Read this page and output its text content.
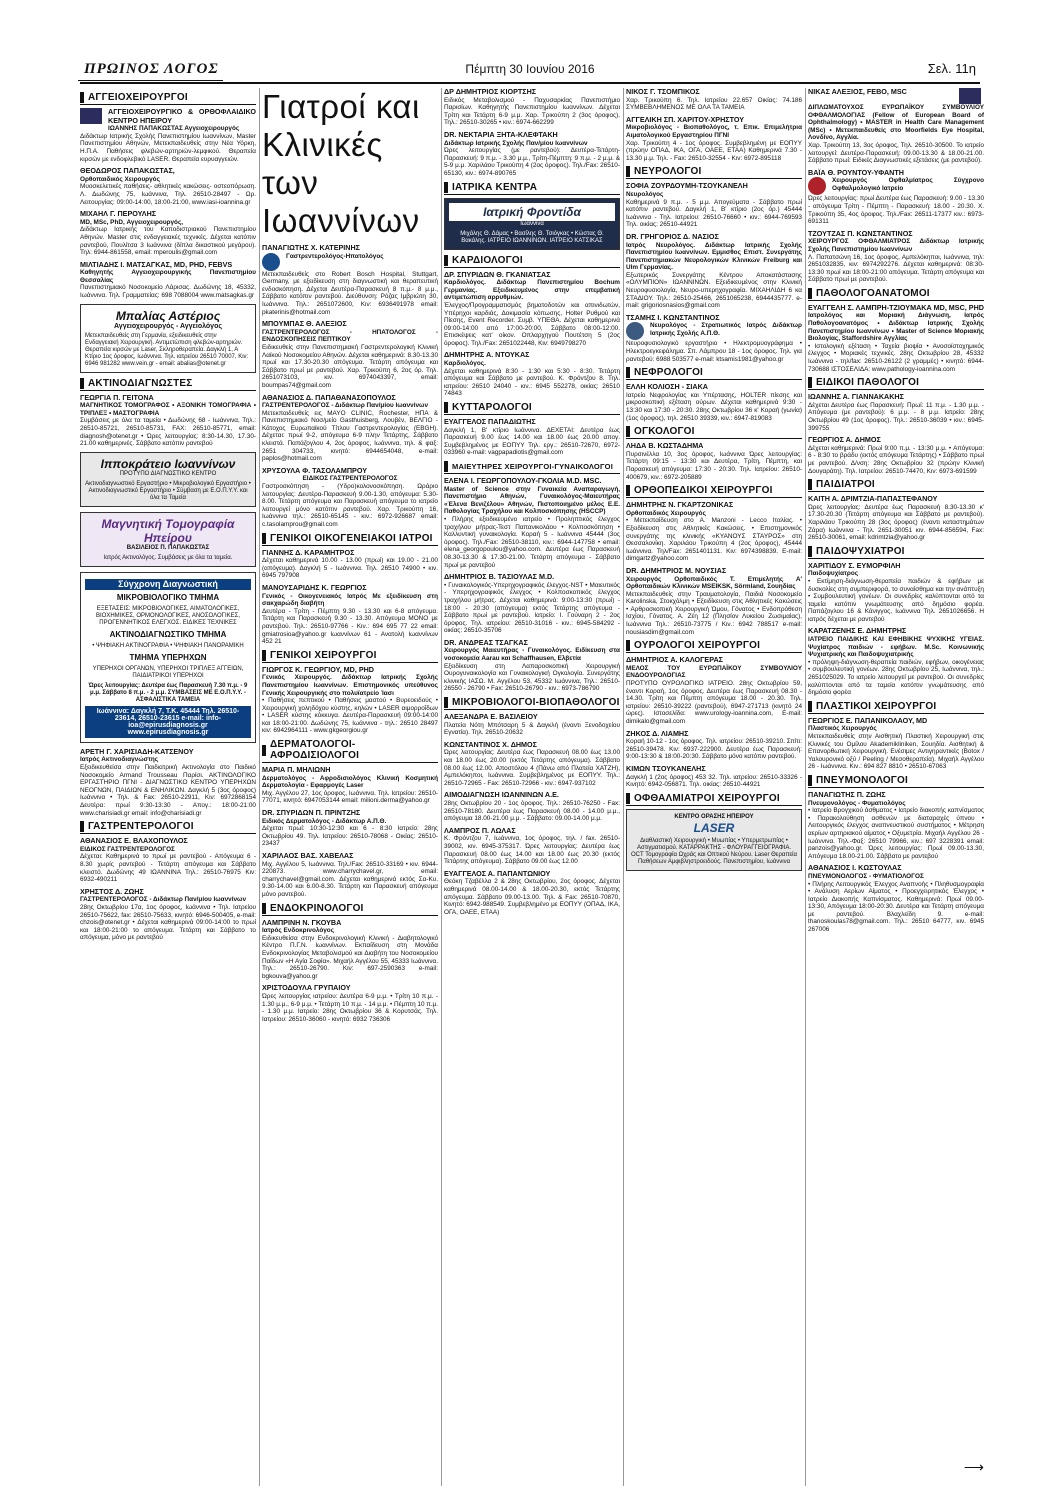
ΠΡΩΙΝΟΣ ΛΟΓΟΣ	Πέμπτη 30 Ιουνίου 2016	Σελ. 11η
ΑΓΓΕΙΟΧΕΙΡΟΥΡΓΟΙ
ΑΓΓΕΙΟΧΕΙΡΟΥΡΓΙΚΟ & ΟΡΘΟΦΛΑΙΔΙΚΟ ΚΕΝΤΡΟ ΗΠΕΙΡΟΥ
ΙΩΑΝΝΗΣ ΠΑΠΑΚΩΣΤΑΣ Αγγειοχειρουργός
Διδάκτωρ Ιατρικής Σχολής Πανεπιστημίου Ιωαννίνων, Master Πανεπιστημίου Αθηνών, Μετεκπαιδευθείς στην Νέα Υόρκη, Η.Π.Α. Παθήσεις φλεβών-αρτηριών-λεμφικού. Θεραπεία κιρσών με ενδοφλεβικό LASER. Θεραπεία ευρυαγγειών.
ΘΕΟΔΩΡΟΣ ΠΑΠΑΚΩΣΤΑΣ,
Ορθοπαιδικός Χειρουργός
Μυοσκελετικές παθήσεις- αθλητικές κακώσεις- οστεοπόρωση. Λ. Δωδώνης 75, Ιωάννινα, Τηλ. 26510-28497 - Ωρ. Λειτουργίας: 09:00-14:00, 18:00-21:00, www.iasi-ioannina.gr
ΜΙΧΑΗΛ Γ. ΠΕΡΟΥΛΗΣ
MD, MSc, PhD, Αγγειοχειρουργός,
Διδάκτωρ Ιατρικής του Καποδιστριακού Πανεπιστημίου Αθηνών. Master στις ενδαγγειακές τεχνικές. Δέχεται κατόπιν ραντεβού, Πουλίτσα 3 Ιωάννινα (δίπλα δικαστικού μεγάρου). Τηλ: 6944-861558, email: mperoulis@gmail.com
ΜΙΛΤΙΑΔΗΣ Ι. ΜΑΤΣΑΓΚΑΣ, MD, PHD, FEBVS
Καθηγητής Αγγειοχειρουργικής Πανεπιστημίου Θεσσαλίας
Πανεπιστημιακό Νοσοκομείο Λάρισας. Δωδώνης 18, 45332, Ιωάννινα. Τηλ. Γραμματείας: 698 7088004 www.matsagkas.gr
Μπαλίας Αστέριος
Αγγειοχειρουργός - Αγγειολόγος
Μετεκπαιδευθείς στη Γερμανία, εξειδικευθείς στην Ενδαγγειακή Χειρουργική. Αντιμετώπιση φλεβών-αρτηριών. Θεραπεία κιρσών με Laser, Σκληροθεραπεία. Δαγκλή 1, Α Κτίριο 1ος όροφος, Ιωάννινα. Τηλ. ιατρείου 26510 70007, Κιν: 6946 981282 www.vein.gr - email: abalias@otenet.gr
ΑΚΤΙΝΟΔΙΑΓΝΩΣΤΕΣ
ΓΕΩΡΓΙΑ Π. ΓΕΙΤΟΝΑ
ΜΑΓΝΗΤΙΚΟΣ ΤΟΜΟΓΡΑΦΟΣ • ΑΞΟΝΙΚΗ ΤΟΜΟΓΡΑΦΙΑ • ΤΡΙΠΛΕΞ • ΜΑΣΤΟΓΡΑΦΙΑ
Συμβάσεις με όλα τα ταμεία • Δωδώνης 68 - Ιωάννινα, Τηλ.: 26510-85721, 26510-85731, FAX: 26510-85771, email: diagnosh@otenet.gr • Ώρες λειτουργίας: 8:30-14.30, 17.30-21.00 καθημερινές. Σάββατο κατόπιν ραντεβού
Ιπποκράτειο Ιωαννίνων
ΠΡΟΤΥΠΟ ΔΙΑΓΝΩΣΤΙΚΟ ΚΕΝΤΡΟ
Ακτινοδιαγνωστικό Εργαστήριο • Μικροβιολογικό Εργαστήριο • Ακτινοδιαγνωστικό Εργαστήριο • Σύμβαση με Ε.Ο.Π.Υ.Υ. και όλα τα Ταμεία
Μαγνητική Τομογραφία Ηπείρου
ΒΑΣΙΛΕΙΟΣ Π. ΠΑΠΑΚΩΣΤΑΣ
Ιατρός Ακτινολόγος. Συμβάσεις με όλα τα ταμεία.
Σύγχρονη Διαγνωστική
ΜΙΚΡΟΒΙΟΛΟΓΙΚΟ ΤΜΗΜΑ
ΕΞΕΤΑΣΕΙΣ: ΜΙΚΡΟΒΙΟΛΟΓΙΚΕΣ, ΑΙΜΑΤΟΛΟΓΙΚΕΣ, ΒΙΟΧΗΜΙΚΕΣ, ΟΡΜΟΝΟΛΟΓΙΚΕΣ, ΑΝΟΣΟΛΟΓΙΚΕΣ, ΠΡΟΓΕΝΝΗΤΙΚΟΣ ΕΛΕΓΧΟΣ. ΕΙΔΙΚΕΣ ΤΕΧΝΙΚΕΣ
ΑΚΤΙΝΟΔΙΑΓΝΩΣΤΙΚΟ ΤΜΗΜΑ
• ΨΗΦΙΑΚΗ ΑΚΤΙΝΟΓΡΑΦΙΑ • ΨΗΦΙΑΚΗ ΠΑΝΟΡΑΜΙΚΗ
ΤΜΗΜΑ ΥΠΕΡΗΧΩΝ
ΥΠΕΡΗΧΟΙ ΟΡΓΑΝΩΝ, ΥΠΕΡΗΧΟΙ ΤΡΙΠΛΕΞ ΑΓΓΕΙΩΝ, ΠΑΙΔΙΑΤΡΙΚΟΙ ΥΠΕΡΗΧΟΙ
Ώρες λειτουργίας: Δευτέρα έως Παρασκευή 7.30 π.μ. - 9 μ.μ. Σάββατο 8 π.μ. - 2 μ.μ. ΣΥΜΒΑΣΕΙΣ ΜΕ Ε.Ο.Π.Υ.Υ. - ΑΣΦΑΛΙΣΤΙΚΑ ΤΑΜΕΙΑ
Ιωάννινα: Δαγκλή 7, Τ.Κ. 45444 Τηλ. 26510-23614, 26510-23615 e-mail: info-ioa@epirusdiagnosis.gr www.epirusdiagnosis.gr
ΑΡΕΤΗ Γ. ΧΑΡΙΣΙΑΔΗ-ΚΑΤΣΕΝΟΥ
Ιατρός Ακτινοδιαγνώστης
Εξειδικευθείσα στην Παιδιατρική Ακτινολογία στο Παιδικό Νοσοκομείο Armand Trousseau Παρίσι. ΑΚΤΙΝΟΛΟΓΙΚΟ ΕΡΓΑΣΤΗΡΙΟ ΠΓΝΙ - ΔΙΑΓΝΩΣΤΙΚΟ ΚΕΝΤΡΟ ΥΠΕΡΗΧΩΝ ΝΕΟΓΝΩΝ, ΠΑΙΔΙΩΝ & ΕΝΗΛΙΚΩΝ. Δαγκλή 5 (3ος όροφος) Ιωάννινα • Τηλ. & Fax: 26510-22911, Κιν: 6972868154 Δευτέρα: πρωί 9:30-13:30 - Απογ.: 18:00-21:00 www.charisiadi.gr email: info@charisiadi.gr
ΓΑΣΤΡΕΝΤΕΡΟΛΟΓΟΙ
ΑΘΑΝΑΣΙΟΣ Ε. ΒΛΑΧΟΠΟΥΛΟΣ
ΕΙΔΙΚΟΣ ΓΑΣΤΡΕΝΤΕΡΟΛΟΓΟΣ
Δέχεται: Καθημερινά το πρωί με ραντεβού - Απόγευμα 6 - 8.30 χωρίς ραντεβού - Τετάρτη απόγευμα και Σάββατο κλειστό. Δωδώνης 49 ΙΩΑΝΝΙΝΑ Τηλ.: 26510-76975 Κιν: 6932-490211
ΧΡΗΣΤΟΣ Δ. ΖΩΗΣ
ΓΑΣΤΡΕΝΤΕΡΟΛΟΓΟΣ - Διδάκτωρ Παν/μίου Ιωαννίνων
28ης Οκτωβρίου 17α, 1ος όροφος, Ιωάννινα • Τηλ. Ιατρείου 26510-75622, fax: 26510-75633, κινητό: 6946-500405, e-mail: chzois@otenet.gr • Δέχεται καθημερινά 09:00-14:00 το πρωί και 18:00-21:00 το απόγευμα. Τετάρτη και Σάββατο το απόγευμα, μόνο με ραντεβού
Γιατροί και Κλινικές
των Ιωαννίνων
ΠΑΝΑΓΙΩΤΗΣ Χ. ΚΑΤΕΡΙΝΗΣ
Γαστρεντερολόγος-Ηπατολόγος
Μετεκπαιδευθείς στο Robert Bosch Hospital, Stuttgart, Germany, με εξειδίκευση στη διαγνωστική και θεραπευτική ενδοσκόπηση. Δέχεται Δευτέρα-Παρασκευή 8 π.μ.- 8 μ.μ., Σάββατο κατόπιν ραντεβού. Διεύθυνση: Ρόζας Ιμβριώτη 30, Ιωάννινα. Τηλ.: 2651072600, Κιν: 6936491978 email: pkaterinis@hotmail.com
ΜΠΟΥΜΠΑΣ Θ. ΑΛΕΞΙΟΣ
ΓΑΣΤΡΕΝΤΕΡΟΛΟΓΟΣ - ΗΠΑΤΟΛΟΓΟΣ - ΕΝΔΟΣΚΟΠΗΣΕΙΣ ΠΕΠΤΙΚΟΥ
Ειδικευθείς στην Πανεπιστημιακή Γαστρεντερολογική Κλινική Λαϊκού Νοσοκομείου Αθηνών. Δέχεται καθημερινά: 8.30-13.30 πρωί και 17.30-20.30 απόγευμα. Τετάρτη απόγευμα και Σάββατο πρωί με ραντεβού. Χαρ. Τρικούπη 6, 2ος όρ. Τηλ. 2651073103, κιν. 6974043397, email: boumpas74@gmail.com
ΑΘΑΝΑΣΙΟΣ Δ. ΠΑΠΑΘΑΝΑΣΟΠΟΥΛΟΣ
ΓΑΣΤΡΕΝΤΕΡΟΛΟΓΟΣ - Διδάκτωρ Παν/μίου Ιωαννίνων
Μετεκπαιδευθείς εις MAYO CLINIC, Rochester, ΗΠΑ & Πανεπιστημιακό Νοσ/μείο Gasthuisberg, Λουβέν, ΒΕΛΓΙΟ - Κάτοχος Ευρωπαϊκού Τίτλου Γαστρεντερολογίας (EBGH). Δέχεται: πρωί 9-2, απόγευμα 6-9 πλην Τετάρτης, Σάββατο κλειστά. Παπάζογλου 4, 2ος όροφος, Ιωάννινα, τηλ. & φαξ: 2651 304733, κινητό: 6944654048, e-mail: paplos@hotmail.com
ΧΡΥΣΟΥΛΑ Φ. ΤΑΣΟΛΑΜΠΡΟΥ
ΕΙΔΙΚΟΣ ΓΑΣΤΡΕΝΤΕΡΟΛΟΓΟΣ
Γαστροσκόπηση - (Υδρο)κολονοσκόπηση. Ωράριο λειτουργίας: Δευτέρα-Παρασκευή 9.00-1.30, απόγευμα: 5.30-8.00. Τετάρτη απόγευμα και Παρασκευή απόγευμα το ιατρείο λειτουργεί μόνο κατόπιν ραντεβού. Χαρ. Τρικούπη 16, Ιωάννινα τηλ.: 26510-65145 - κιν.: 6972-926687 email: c.tasolamprou@gmail.com
ΓΕΝΙΚΟΙ ΟΙΚΟΓΕΝΕΙΑΚΟΙ ΙΑΤΡΟΙ
ΓΙΑΝΝΗΣ Δ. ΚΑΡΑΜΗΤΡΟΣ
Δέχεται καθημερινά 10.00 - 13.00 (πρωί) και 19.00 - 21.00 (απόγευμα). Δαγκλή 5 - Ιωάννινα. Τηλ. 26510 74900 • κιν. 6945 797908
ΜΑΝΟΥΣΑΡΙΔΗΣ Κ. ΓΕΩΡΓΙΟΣ
Γενικός - Οικογενειακός Ιατρός Με εξειδίκευση στη σακχαρώδη διαβήτη
Δευτέρα - Τρίτη - Πέμπτη 9.30 - 13.30 και 6-8 απόγευμα. Τετάρτη και Παρασκευή 9.30 - 13.30. Απόγευμα ΜΟΝΟ με ραντεβού. Τηλ.: 26510-97766 - Κιν.: 694 695 77 22 email: gmiatrosioa@yahoo.gr Ιωαννίνων 61 - Ανατολή Ιωαννίνων 452 21
ΓΕΝΙΚΟΙ ΧΕΙΡΟΥΡΓΟΙ
ΓΙΩΡΓΟΣ Κ. ΓΕΩΡΓΙΟΥ, MD, PHD
Γενικός Χειρουργός. Διδάκτωρ Ιατρικής Σχολής Πανεπιστημίου Ιωαννίνων. Επιστημονικός υπεύθυνος Γενικής Χειρουργικής στο πολυϊατρείο Ίασι
• Παθήσεις πεπτικού • Παθήσεις μαστού • Βυρεοειδούς • Χειρουργική χοληδόχου κύστης, κηλών • LASER αιμορροΐδων • LASER κύστης κόκκυγα. Δευτέρα-Παρασκευή 09:00-14:00 και 18:00-21:00. Δωδώνης 75, Ιωάννινα - τηλ.: 26510 28497 κιν: 6942964111 - www.gkgeorgiou.gr
ΔΕΡΜΑΤΟΛΟΓΟΙ-ΑΦΡΟΔΙΣΙΟΛΟΓΟΙ
ΜΑΡΙΑ Π. ΜΗΛΙΩΝΗ
Δερματολόγος - Αφροδισιολόγος Κλινική Κοσμητική Δερματολογία - Εφαρμογές Laser
Μιχ. Αγγέλου 27, 1ος όροφος, Ιωάννινα. Τηλ. Ιατρείου: 26510-77071, κινητό: 6947053144 email: milioni.derma@yahoo.gr
DR. ΣΠΥΡΙΔΩΝ Π. ΠΡΙΝΤΖΗΣ
Ειδικός Δερματολόγος - Διδάκτωρ Α.Π.Θ.
Δέχεται πρωί: 10:30-12:30 και 6 - 8:30 Ιατρείο: 28ης Οκτωβρίου 49. Τηλ. Ιατρείου: 26510-78068 - Οικίας: 26510-23437
ΧΑΡΙΛΑΟΣ ΒΑΣ. ΧΑΒΕΛΑΣ
Μιχ. Αγγέλου 5, Ιωάννινα. Τηλ./Fax: 26510-33169 • κιν. 6944-220873. www.charrychavel.gr, email: charrychavel@gmail.com. Δέχεται καθημερινά εκτός Σα-Κυ. 9.30-14.00 και 6.00-8.30. Τετάρτη και Παρασκευή απόγευμα μόνο ραντεβού.
ΕΝΔΟΚΡΙΝΟΛΟΓΟΙ
ΛΑΜΠΡΙΝΗ Ν. ΓΚΟΥΒΑ
Ιατρός Ενδοκρινολόγος
Ειδικευθείσα στην Ενδοκρινολογική Κλινική - Διαβητολογικό Κέντρο Π.Γ.Ν. Ιωαννίνων. Εκπαίδευση στη Μονάδα Ενδοκρινολογίας Μεταβολισμού και Διαβήτη του Νοσοκομείου Παίδων «Η Αγία Σοφία». Μιχαήλ Αγγέλου 55, 45333 Ιωάννινα. Τηλ.: 26510-26790. Κιν: 697-2590363 e-mail: bgkouva@yahoo.gr
ΧΡΙΣΤΟΔΟΥΛΑ ΓΡΥΠΑΙΟΥ
Ώρες λειτουργίας ιατρείου: Δευτέρα 6-9 μ.μ. • Τρίτη 10 π.μ. - 1.30 μ.μ., 6-9 μ.μ. • Τετάρτη 10 π.μ. - 14 μ.μ. • Πέμπτη 10 π.μ. - 1.30 μ.μ. Ιατρείο: 28ης Οκτωβρίου 36 & Κορυτσάς. Τηλ. Ιατρείου: 26510-36060 - κινητό: 6932 736306
ΔΡ ΔΗΜΗΤΡΙΟΣ ΚΙΟΡΤΣΗΣ
Ειδικός Μεταβολισμού - Παχυσαρκίας Πανεπιστήμιο Παρισίων. Καθηγητής Πανεπιστημίου Ιωαννίνων. Δέχεται Τρίτη και Τετάρτη 6-9 μ.μ. Χαρ. Τρικούπη 2 (3ος όροφος). Τηλ.: 26510-30265 • κιν.: 6974-662299
DR. ΝΕΚΤΑΡΙΑ ΞΗΤΑ-ΚΛΕΦΤΑΚΗ
Διδάκτωρ Ιατρικής Σχολής Παν/μίου Ιωαννίνων
Ώρες λειτουργίας (με ραντεβού): Δευτέρα-Τετάρτη-Παρασκευή: 9 π.μ. - 3.30 μ.μ., Τρίτη-Πέμπτη: 9 π.μ. - 2 μ.μ. & 5-9 μ.μ. Χαριλάου Τρικούπη 4 (2ος όροφος). Τηλ./Fax: 26510-65130, κιν.: 6974-890765
ΙΑΤΡΙΚΑ ΚΕΝΤΡΑ
Ιατρική Φροντίδα
Ιωάννινα
Μιχάλης Θ. Δάμας • Βασίλης Θ. Τσιόγκας • Κώστας Θ. Βακάλης. ΙΑΤΡΕΙΟ ΙΩΑΝΝΙΝΩΝ. ΙΑΤΡΕΙΟ ΚΑΤΣΙΚΑΣ
ΚΑΡΔΙΟΛΟΓΟΙ
ΔΡ. ΣΠΥΡΙΔΩΝ Θ. ΓΚΑΝΙΑΤΣΑΣ
Καρδιολόγος. Διδάκτωρ Πανεπιστημίου Bochum Γερμανίας. Εξειδικευμένος στην επεμβατική αντιμετώπιση αρρυθμιών.
Έλεγχος/Προγραμματισμός βηματοδοτών και απινιδωτών, Υπέρηχοι καρδιάς, Δοκιμασία κόπωσης, Holter Ρυθμού και Πίεσης, Event Recorder. Συμβ. ΥΠΕΘΑ. Δέχεται καθημερινά 09:00-14:00 από 17:00-20:00, Σάββατο 08:00-12:00. Επισκέψεις κατ' οίκον. Οπλαρχηγού Πουτέτση 5 (2ος όροφος). Τηλ./Fax: 2651022448, Κιν: 6949798270
ΔΗΜΗΤΡΗΣ Α. ΝΤΟΥΚΑΣ
Καρδιολόγος.
Δέχεται καθημερινά 8:30 - 1:30 και 5:30 - 8:30. Τετάρτη απόγευμα και Σάββατο με ραντεβού. Κ. Φρόντζου 8. Τηλ. ιατρείου: 26510 24040 - κιν.: 6945 552278, οικίας: 26510 74843
ΚΥΤΤΑΡΟΛΟΓΟΙ
ΕΥΑΓΓΕΛΟΣ ΠΑΠΑΔΙΩΤΗΣ
Δαγκλή 1, Β' κτίριο Ιωάννινα. ΔΕΧΕΤΑΙ: Δευτέρα έως Παρασκευή 9.00 έως 14.00 και 18.00 έως 20.00 απογ. Συμβεβλημένος με ΕΟΠΥΥ Τηλ. εργ.: 26510-72670, 6972-033960 e-mail: vagpapadiotis@gmail.com
ΜΑΙΕΥΤΗΡΕΣ ΧΕΙΡΟΥΡΓΟΙ-ΓΥΝΑΙΚΟΛΟΓΟΙ
ΕΛΕΝΑ Ι. ΓΕΩΡΓΟΠΟΥΛΟΥ-ΓΚΟΛΙΑ M.D. MSC.
Master of Science στην Γυναικεία Αναπαραγωγή, Πανεπιστήμιο Αθηνών, Γυναικολόγος-Μαιευτήρας «Έλενα Βενιζέλου» Αθηνών, Πιστοποιημένο μέλος Ε.Ε. Παθολογίας Τραχήλου και Κολποσκόπησης (HSCCP)
• Πλήρης εξειδικευμένο ιατρείο • Προληπτικός έλεγχος τραχήλου μήτρας-Τεστ Παπανικολάου • Κολποσκόπηση • Καλλυντική γυναικολογία. Κοραή 5 - Ιωάννινα 45444 (3ος όροφος). Τηλ./Fax: 26510-38110, κιν.: 6944-147758 • email: elena_georgopoulou@yahoo.com. Δευτέρα έως Παρασκευή 08.30-13.30 & 17.30-21.00. Τετάρτη απόγευμα - Σάββατο πρωί με ραντεβού
ΔΗΜΗΤΡΙΟΣ Β. ΤΑΣΙΟΥΛΑΣ M.D.
• Γυναικολογικός-Υπερηχογραφικός έλεγχος-NST • Μαιευτικός - Υπερηχογραφικός έλεγχος • Κολποσκοπικός έλεγχος τραχήλου μήτρας. Δέχεται καθημερινά: 9:00-13:30 (πρωί) - 18:00 - 20:30 (απόγευμα) εκτός Τετάρτης απόγευμα - Σάββατο πρωί με ραντεβού. Ιατρείο: Ι. Γούναρη 2 - 2ος όροφος. Τηλ. ιατρείου: 26510-31016 - κιν.: 6945-584292 - οικίας: 26510-35706
DR. ΑΝΔΡΕΑΣ ΤΣΑΓΚΑΣ
Χειρουργός Μαιευτήρας - Γυναικολόγος. Ειδίκευση στα νοσοκομεία Aarau και Schaffhausen, Ελβετία
Εξειδίκευση στη Λαπαροσκοπική Χειρουργική Ουρογυναικολογία και Γυναικολογική Ογκολογία. Συνεργάτης κλινικής ΙΑΣΩ. Μ. Αγγέλου 53, 45332 Ιωάννινα, Τηλ.: 26510-26550 - 26790 • Fax: 26510-26790 - κιν.: 6973-786790
ΜΙΚΡΟΒΙΟΛΟΓΟΙ-ΒΙΟΠΑΘΟΛΟΓΟΙ
ΑΛΕΞΑΝΔΡΑ Ε. ΒΑΣΙΛΕΙΟΥ
Πλατεία Νότη Μπότσαρη 5 & Δαγκλή (έναντι Ξενοδοχείου Εγνατία). Τηλ. 26510-20632
ΚΩΝΣΤΑΝΤΙΝΟΣ Χ. ΔΗΜΟΣ
Ώρες λειτουργίας: Δευτέρα έως Παρασκευή 08.00 έως 13.00 και 18.00 έως 20.00 (εκτός Τετάρτης απόγευμα). Σάββατο 08.00 έως 12.00. Αποστόλου 4 (Πάνω από Πλατεία ΧΑΤΖΗ), Αμπελόκηποι, Ιωάννινα. Συμβεβλημένος με ΕΟΠΥΥ. Τηλ.: 26510-72965 - Fax: 26510-72966 - κιν.: 6947-937102
ΑΙΜΟΔΙΑΓΝΩΣΗ ΙΩΑΝΝΙΝΩΝ Α.Ε.
28ης Οκτωβρίου 20 - 1ος όροφος. Τηλ.: 26510-76250 - Fax: 26510-78180. Δευτέρα έως Παρασκευή 08.00 - 14.00 μ.μ., απόγευμα 18.00-21.00 μ.μ. - Σάββατο: 09.00-14.00 μ.μ.
ΛΑΜΠΡΟΣ Π. ΛΩΛΑΣ
Κ. Φρόντζου 7, Ιωάννινα, 1ος όροφος, τηλ. / fax. 26510-39002, κιν. 6945-375317. Ώρες λειτουργίας: Δευτέρα έως Παρασκευή 08.00 έως 14.00 και 18.00 έως 20.30 (εκτός Τετάρτης απόγευμα). Σάββατο 09.00 έως 12.00
ΕΥΑΓΓΕΛΟΣ Α. ΠΑΠΑΝΤΩΝΙΟΥ
Θεόκη Τζαβέλλα 2 & 28ης Οκτωβρίου, 2ος όροφος. Δέχεται καθημερινά 08.00-14.00 & 18.00-20.30, εκτός Τετάρτης απόγευμα. Σάββατο 09.00-13.00. Τηλ. & Fax: 26510-70870, Κινητό: 6942-988549. Συμβεβλημένο με ΕΟΠΥΥ (ΟΠΑΔ, ΙΚΑ, ΟΓΑ, ΟΑΕΕ, ΕΤΑΑ)
ΝΙΚΟΣ Γ. ΤΣΟΜΠΙΚΟΣ
Χαρ. Τρικούπη 6. Τηλ. Ιατρείου 22.657 Οικίας: 74.186 ΣΥΜΒΕΒΛΗΜΕΝΟΣ ΜΕ ΟΛΑ ΤΑ ΤΑΜΕΙΑ
ΑΓΓΕΛΙΚΗ ΣΠ. ΧΑΡΙΤΟΥ-ΧΡΗΣΤΟΥ
Μικροβιολόγος - Βιοπαθολόγος, τ. Επικ. Επιμελήτρια Αιματολογικού Εργαστηρίου ΠΓΝΙ
Χαρ. Τρικούπη 4 - 1ος όροφος. Συμβεβλημένη με ΕΟΠΥΥ (πρώην ΟΠΑΔ, ΙΚΑ, ΟΓΑ, ΟΑΕΕ, ΕΤΑΑ) Καθημερινά 7.30 - 13.30 μ.μ. Τηλ. - Fax: 26510-32554 - Κιν: 6972-895118
ΝΕΥΡΟΛΟΓΟΙ
ΣΟΦΙΑ ΖΟΥΡΔΟΥΜΗ-ΤΣΟΥΚΑΝΕΛΗ
Νευρολόγος
Καθημερινά 9 π.μ. - 5 μ.μ. Απογεύματα - Σάββατο πρωί κατόπιν ραντεβού. Δαγκλή 1, Β' κτίριο (2ος όρ.) 45444 Ιωάννινα - Τηλ. Ιατρείου: 26510-76660 • κιν.: 6944-769593 Τηλ. οικίας: 26510-44921
DR. ΓΡΗΓΟΡΙΟΣ Δ. ΝΑΣΙΟΣ
Ιατρός Νευρολόγος. Διδάκτωρ Ιατρικής Σχολής Πανεπιστημίου Ιωαννίνων. Εμμισθος Επιστ. Συνεργάτης Πανεπιστημιακών Νευρολογικών Κλινικών Freiburg και Ulm Γερμανίας.
Εξωτερικός Συνεργάτης Κέντρου Αποκατάστασης «ΟΛΥΜΠΙΟΝ» ΙΩΑΝΝΙΝΩΝ. Εξειδικευμένος στην Κλινική Νευροφυσιολογία, Νευρο-υπερηχογραφία. ΜΙΧΑΗΛΙΔΗ 6 κα ΣΤΑΔΙΟΥ. Τηλ.: 26510-25466, 2651065238, 6944435777. e-mail: grigoriosnasios@gmail.com
ΤΣΑΜΗΣ Ι. ΚΩΝΣΤΑΝΤΙΝΟΣ
Νευρολόγος - Στρατιωτικός Ιατρός Διδάκτωρ Ιατρικής Σχολής Α.Π.Θ.
Νευροφυσιολογικό εργαστήριο • Ηλεκτρομυογράφημα • Ηλεκτροεγκεφάλημα. Σπ. Λάμπρου 18 - 1ος όροφος. Τηλ. για ραντεβού: 6988 503577 e-mail: ktsamis1981@yahoo.gr
ΝΕΦΡΟΛΟΓΟΙ
ΕΛΛΗ ΚΟΛΙΟΣΗ - ΣΙΑΚΑ
Ιατρείο Νεφρολογίας και Υπέρτασης, HOLTER πίεσης και μικροσκοπική εξέταση ούρων. Δέχεται καθημερινά 9:30 - 13:30 και 17:30 - 20:30. 28ης Οκτωβρίου 36 κ' Κοραή (γωνία) (1ος όροφος), τηλ. 26510 39339, κιν.: 6947-819083
ΟΓΚΟΛΟΓΟΙ
ΛΗΔΑ Β. ΚΩΣΤΑΔΗΜΑ
Πυρσινέλλα 10, 3ος όροφος, Ιωάννινα Ώρες λειτουργίας: Τετάρτη 09:15 - 13:30 και Δευτέρα, Τρίτη, Πέμπτη, και Παρασκευή απόγευμα: 17:30 - 20:30. Τηλ. Ιατρείου: 26510-400679, κιν.: 6972-205889
ΟΡΘΟΠΕΔΙΚΟΙ ΧΕΙΡΟΥΡΓΟΙ
ΔΗΜΗΤΡΗΣ Ν. ΓΚΑΡΤΖΟΝΙΚΑΣ
Ορθοπαιδικός Χειρουργός
• Μετεκπαίδευση στο A. Manzoni - Lecco Ιταλίας. • Εξειδίκευση στις Αθλητικές Κακώσεις. • Επιστημονικός συνεργάτης της κλινικής «ΚΥΑΝΟΥΣ ΣΤΑΥΡΟΣ» στη Θεσσαλονίκη. Χαριλάου Τρικούπη 4 (2ος όροφος), 45444 Ιωάννινα. Τηλ/Fax: 2651401131. Κιν: 6974398839. E-mail: dimgartz@yahoo.com
DR. ΔΗΜΗΤΡΙΟΣ Μ. ΝΟΥΣΙΑΣ
Χειρουργός Ορθοπαιδικός Τ. Επιμελητής Α' Ορθοπαιδικών Κλινικών MSEIKSK, Sörmland, Σουηδίας
Μετεκπαιδευθείς στην Τραυματολογία, Παιδιά Νοσοκομείο Karolinska, Στοκχόλμη • Εξειδίκευση στις Αθλητικές Κακώσεις • Αρθροσκοπική Χειρουργική Ώμου, Γόνατος • Ενδοπρόθεση Ισχίου, Γόνατος. Α. Ζέη 12 (Πλησίον Λυκείου Ζωσιμαίας), Ιωάννινα Τηλ.: 26510-73775 / Κιν.: 6942 788517 e-mail: nousiasdim@gmail.com
ΟΥΡΟΛΟΓΟΙ ΧΕΙΡΟΥΡΓΟΙ
ΔΗΜΗΤΡΙΟΣ Α. ΚΑΛΟΓΕΡΑΣ
ΜΕΛΟΣ ΤΟΥ ΕΥΡΩΠΑΪΚΟΥ ΣΥΜΒΟΥΛΙΟΥ ΕΝΔΟΟΥΡΟΛΟΓΙΑΣ
ΠΡΟΤΥΠΟ ΟΥΡΟΛΟΓΙΚΟ ΙΑΤΡΕΙΟ. 28ης Οκτωβρίου 59, έναντι Κοραή, 1ος όροφος. Δευτέρα έως Παρασκευή 08.30 - 14.30. Τρίτη και Πέμπτη απόγευμα 18.00 - 20.30. Τηλ. ιατρείου: 26510-39222 (ραντεβού), 6947-271713 (κινητό 24 ώρες). Ιστοσελίδα: www.urology-ioannina.com, E-mail: dimikalo@gmail.com
ΖΗΚΟΣ Δ. ΛΙΑΜΗΣ
Κοραή 10-12 - 1ος όροφος. Τηλ. ιατρείου: 26510-39210. Σπίτι: 26510-39478. Κιν: 6937-222900. Δευτέρα έως Παρασκευή: 9:00-13:30 & 18:00-20:30. Σάββατο μόνο κατόπιν ραντεβού.
ΚΙΜΩΝ ΤΣΟΥΚΑΝΕΛΗΣ
Δαγκλή 1 (2ος όροφος) 453 32. Τηλ. ιατρείου: 26510-33326 - Κινητό: 6942-056871. Τηλ. οικίας: 26510-44921
ΟΦΘΑΛΜΙΑΤΡΟΙ ΧΕΙΡΟΥΡΓΟΙ
ΚΕΝΤΡΟ ΟΡΑΣΗΣ ΗΠΕΙΡΟΥ
LASER
Διαθλαστική Χειρουργική • Μυωπίας • Υπερμετρωπίας • Αστιγματισμού. ΚΑΤΑΡΡΑΚΤΗΣ - ΦΛΟΥΡΑΓΓΕΙΟΓΡΑΦΙΑ. OCT Τομογραφία Ωχράς και Οπτικού Νεύρου. Laser Θεραπεία Παθήσεων Αμφιβληστροειδούς. Πανεπιστημίου, Ιωάννινα
ΝΙΚΑΣ ΑΛΕΞΙΟΣ, FEBO, MSC
ΔΙΠΛΩΜΑΤΟΥΧΟΣ ΕΥΡΩΠΑΪΚΟΥ ΣΥΜΒΟΥΛΙΟΥ ΟΦΘΑΛΜΟΛΟΓΙΑΣ (Fellow of European Board of Ophthalmology) • MASTER in Health Care Management (MSc) • Μετεκπαιδευθείς στο Moorfields Eye Hospital, Λονδίνο, Αγγλία.
Χαρ. Τρικούπη 13, 3ος όροφος, Τηλ. 26510-30500. Το ιατρείο λειτουργεί: Δευτέρα-Παρασκευή: 09.00-13.30 & 18.00-21.00. Σάββατο πρωί: Ειδικές Διαγνωστικές εξετάσεις (με ραντεβού).
ΒΑΪΑ Θ. ΡΟΥΝΤΟΥ-ΥΦΑΝΤΗ
Χειρουργός Οφθαλμίατρος Σύγχρονο Οφθαλμολογικό Ιατρείο
Ώρες λειτουργίας: πρωί Δευτέρα έως Παρασκευή: 9.00 - 13.30 - απόγευμα Τρίτη - Πέμπτη - Παρασκευή: 18.00 - 20.30. Χ. Τρικούπη 35, 4ος όροφος. Τηλ./Fax: 26511-17377 κιν.: 6973-691311
ΤΖΟΥΤΖΑΣ Π. ΚΩΝΣΤΑΝΤΙΝΟΣ
ΧΕΙΡΟΥΡΓΟΣ ΟΦΘΑΛΜΙΑΤΡΟΣ Διδάκτωρ Ιατρικής Σχολής Πανεπιστημίου Ιωαννίνων
Λ. Παπατσώνη 16, 1ος όροφος, Αμπελόκηποι, Ιωάννινα, τηλ: 2651032835, κιν: 6974292276. Δέχεται καθημερινά: 08:30-13:30 πρωί και 18:00-21:00 απόγευμα. Τετάρτη απόγευμα και Σάββατο πρωί με ραντεβού.
ΠΑΘΟΛΟΓΟΑΝΑΤΟΜΟΙ
ΕΥΑΓΓΕΛΗ Σ. ΛΑΜΠΡΗ-ΤΖΙΟΥΜΑΚΑ MD, MSC, PHD
Ιατρολόγος και Μοριακή Διάγνωση, Ιατρός Παθολογοανατόμος • Διδάκτωρ Ιατρικής Σχολής Πανεπιστημίου Ιωαννίνων • Master of Science Μοριακής Βιολογίας, Staffordshire Αγγλίας
• Ιστολογική εξέταση • Ταχεία βιοψία • Ανοσοϊστοχημικός έλεγχος • Μοριακές τεχνικές. 28ης Οκτωβρίου 28, 45332 Ιωάννινα - τηλ/fax: 26510-26122 (2 γραμμές) • κινητό: 6944-730688 ΙΣΤΟΣΕΛΙΔΑ: www.pathology-ioannina.com
ΕΙΔΙΚΟΙ ΠΑΘΟΛΟΓΟΙ
ΙΩΑΝΝΗΣ Α. ΓΙΑΝΝΑΚΑΚΗΣ
Δέχεται Δευτέρα έως Παρασκευή: Πρωί: 11 π.μ. - 1.30 μ.μ. - Απόγευμα (με ραντεβού): 6 μ.μ. - 8 μ.μ. Ιατρείο: 28ης Οκτωβρίου 49 (1ος όροφος). Τηλ.: 26510-36039 • κιν.: 6945-399755
ΓΕΩΡΓΙΟΣ Α. ΔΗΜΟΣ
Δέχεται καθημερινά: Πρωί 9:00 π.μ. - 13:30 μ.μ. • Απόγευμα: 6 - 8:30 το βράδυ (εκτός απόγευμα Τετάρτης) • Σάββατο πρωί με ραντεβού. Δ/νση: 28ης Οκτωβρίου 32 (πρώην Κλινική Δουγαράτη). Τηλ. Ιατρείου: 26510-74470, Κιν: 6973-691599
ΠΑΙΔΙΑΤΡΟΙ
ΚΑΙΤΗ Α. ΔΡΙΜΤΖΙΑ-ΠΑΠΑΣΤΕΦΑΝΟΥ
Ώρες λειτουργίας: Δευτέρα έως Παρασκευή 8.30-13.30 κ' 17.30-20.30 (Τετάρτη απόγευμα και Σάββατο με ραντεβού). Χαριλάου Τρικούπη 28 (3ος όροφος) (έναντι καταστημάτων Ζάρα) Ιωάννινα - Τηλ. 2651-30051 κιν. 6944-856594, Fax: 26510-30061, email: kdrimtzia@yahoo.gr
ΠΑΙΔΟΨΥΧΙΑΤΡΟΙ
ΧΑΡΙΤΙΔΟΥ Σ. ΕΥΜΟΡΦΙΛΗ
Παιδοψυχίατρος
• Εκτίμηση-διάγνωση-θεραπεία παιδιών & εφήβων με δυσκολίες στη συμπεριφορά, το συναίσθημα και την ανάπτυξη • Συμβουλευτική γονέων. Οι συνεδρίες καλύπτονται από τα ταμεία κατόπιν γνωμάτευσης από δημόσιο φορέα. Παπάζογλου 16 & Κάνιγγος, Ιωάννινα Τηλ. 2651026656. Η ιατρός δέχεται με ραντεβού
ΚΑΡΑΤΖΕΝΗΣ Ε. ΔΗΜΗΤΡΗΣ
ΙΑΤΡΕΙΟ ΠΑΙΔΙΚΗΣ ΚΑΙ ΕΦΗΒΙΚΗΣ ΨΥΧΙΚΗΣ ΥΓΕΙΑΣ. Ψυχίατρος παιδιών - εφήβων. Μ.Sc. Κοινωνικής Ψυχιατρικής και Παιδοψυχιατρικής
• πρόληψη-διάγνωση-θεραπεία παιδιών, εφήβων, οικογένειας • συμβουλευτική γονέων. 28ης Οκτωβρίου 25, Ιωάννινα, τηλ.: 2651025029. Το ιατρείο λειτουργεί με ραντεβού. Οι συνεδρίες καλύπτονται από τα ταμεία κατόπιν γνωμάτευσης από δημόσιο φορέα
ΠΛΑΣΤΙΚΟΙ ΧΕΙΡΟΥΡΓΟΙ
ΓΕΩΡΓΙΟΣ Ε. ΠΑΠΑΝΙΚΟΛΑΟΥ, MD
Πλαστικός Χειρουργός
Μετεκπαιδευθείς στην Αισθητική Πλαστική Χειρουργική στις Κλινικές του Ομίλου Akademikliniken, Σουηδία. Αισθητική & Επανορθωτική Χειρουργική. Ενέσιμες Αντιγηραντικές (Botox / Υαλουρονικό οξύ / Peeling / Μεσοθεραπεία). Μιχαήλ Αγγέλου 26 - Ιωάννινα. Κιν.: 694 827 8810 • 26510-67063
ΠΝΕΥΜΟΝΟΛΟΓΟΙ
ΠΑΝΑΓΙΩΤΗΣ Π. ΖΩΗΣ
Πνευμονολόγος - Φυματιολόγος
• Ιατρείο Βρογχικού άσθματος • Ιατρείο διακοπής καπνίσματος • Παρακολούθηση ασθενών με διαταραχές ύπνου • Λειτουργικός έλεγχος αναπνευστικού συστήματος • Μέτρηση αερίων αρτηριακού αίματος • Οξυμετρία. Μιχαήλ Αγγέλου 26 - Ιωάννινα. Τηλ.-Φαξ: 26510 79966, κιν.: 697 3228391 email: panzois@yahoo.gr. Ώρες λειτουργίας: Πρωί 09.00-13.30, Απόγευμα 18.00-21.00. Σάββατο με ραντεβού
ΑΘΑΝΑΣΙΟΣ Ι. ΚΩΣΤΟΥΛΑΣ
ΠΝΕΥΜΟΝΟΛΟΓΟΣ - ΦΥΜΑΤΙΟΛΟΓΟΣ
• Πλήρης Λειτουργικός Έλεγχος Αναπνοής • Πληθυσμογραφία • Ανάλυση Αερίων Αίματος • Προεγχειρητικός Έλεγχος • Ιατρείο Διακοπής Καπνίσματος. Καθημερινά: Πρωί 09.00-13:30, Απόγευμα 18:00-20:30. Δευτέρα και Τετάρτη απόγευμα με ραντεβού. Βλαχλείδη 9. e-mail: thanoskoulas78@gmail.com. Τηλ.: 26510 64777, κιν. 6945 267006
⟶
